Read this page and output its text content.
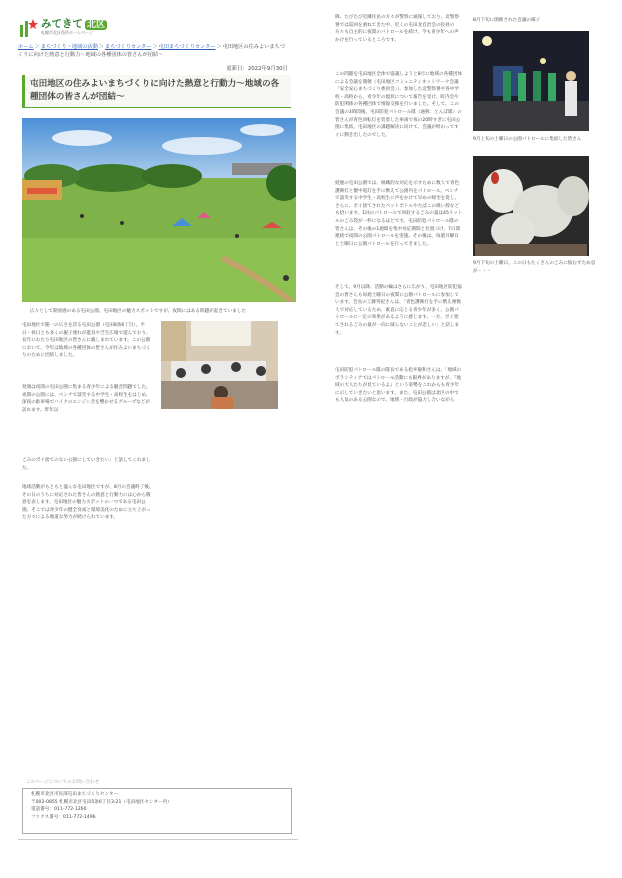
みてきて 北区
札幌市北区役所ホームページ
ホーム＞まちづくり・地域の活動＞まちづくりセンター＞屯田まちづくりセンター＞屯田地区の住みよいまちづくりに向けた熱意と行動力～地域の各種団体の皆さんが団結～
更新日：2022年9月30日
屯田地区の住みよいまちづくりに向けた熱意と行動力～地域の各種団体の皆さんが団結～
広々として開放感のある屯田公園。屯田地区の魅力スポットですが、夜間にはある問題が起きていました

屯田地区で随一の広さを誇る屯田公園（屯田8条6丁目）。平日・休日とも多くの親子連れが遊具や芝生広場で遊んでおり、長年にわたり屯田地区の皆さんに親しまれています。この公園において、今年は地域の各種団体の皆さんが住みよいまちづくりのために団結しました。

発端は夜間の屯田公園に集まる青少年による騒音問題でした。夜間の公園には、ベンチで談笑する中学生・高校生をはじめ、深夜の駐車場でバイクのエンジン音を響かせるグループなどが訪れます。昨年以

ごみのポイ捨てのない公園にしていきたい」と話してくれました。

地域活動がもともと盛んな屯田地区ですが、8月の会議終了後、その日のうちに対応された皆さんの熱意と行動力には心から敬意を表します。屯田地区の魅力スポットの一つである屯田公園。そこでは青少年の健全育成と環境美化のために立ち上がった方々による地道な努力が続けられています。

降、たびたび近隣住民の方々が警察に通報しており、北警察署では巡回を重ねてきた中、近くの屯田北自治会の役員の方々も自主的に夜間のパトロールを続け、今も青少年への声かけを行っているところです。

この問題を屯田地区全体で協議しようと8月に地域の各種団体による会議を開催（屯田地区コミュニティネットワーク会議「安全安心まちづくり委員会」）。参加した北警察署や各中学校・高校から、青少年の現状について報告を受け、町内会や防犯関係の各種団体で情報交換を行いました。そして、この会議の3時間後、屯田防犯パトロール隊（通称：とんぼ隊）の皆さんが青色回転灯を装着した車両で夜の20時すぎに屯田公園に集結。屯田地区の課題解決に向けて、会議が終わってすぐに動き出したのでした。

経歴の屯田公園では、組織的な対応を示すために数人で青色護衛灯と懐中電灯を手に携えて公園内をパトロール。ベンチで談笑する中学生・高校生に声をかけて早めの帰宅を促し、さらに、ポイ捨てされたペットボトルやたばこの吸い殻なども拾います。1回のパトロールで回収するごみの量は45リットルのごみ袋が一杯になるほどです。屯田防犯パトロール隊の皆さんは、その後の1週間を集中対応期間と位置づけ、7日間連続で夜間の公園パトロールを実施。その後は、毎週月曜日と土曜日に公園パトロールを行ってきました。

そして、9月以降、活動の輪はさらに広がり、屯田地区防犯協会の皆さんも毎週土曜日の夜間に公園パトロールに参加しています。会長の工藤英紀さんは、「青色護衛灯を手に携え複数人で対応しているため、素直に応じる青少年が多く、公園パトロールに一定の効果があるように感じます。一方、ポイ捨てされるごみの量が一向に減らないことが悲しい」と話します。

屯田防犯パトロール隊の隊長である松井敏和さんは、「地域のボランティアではパトロール活動にも限界がありますが、『地域の大人たちが見ているよ』という姿勢をこれからも青少年に示していきたいと思います。また、屯田公園は北区の中でも人気のある公園なので、地域・行政が協力し合いながら

8月下旬に開催された会議の様子
9月上旬の土曜日の公園パトロールに集結した皆さん
9月下旬の土曜日。この日もたくさんのごみに悩むずため息が・・・
このページについてのお問い合わせ

札幌市北区市民部屯田まちづくりセンター

〒002-0855 札幌市北区屯田5条6丁目3-21（屯田地区センター内）

電話番号：011-772-1260

ファクス番号：011-772-1496
